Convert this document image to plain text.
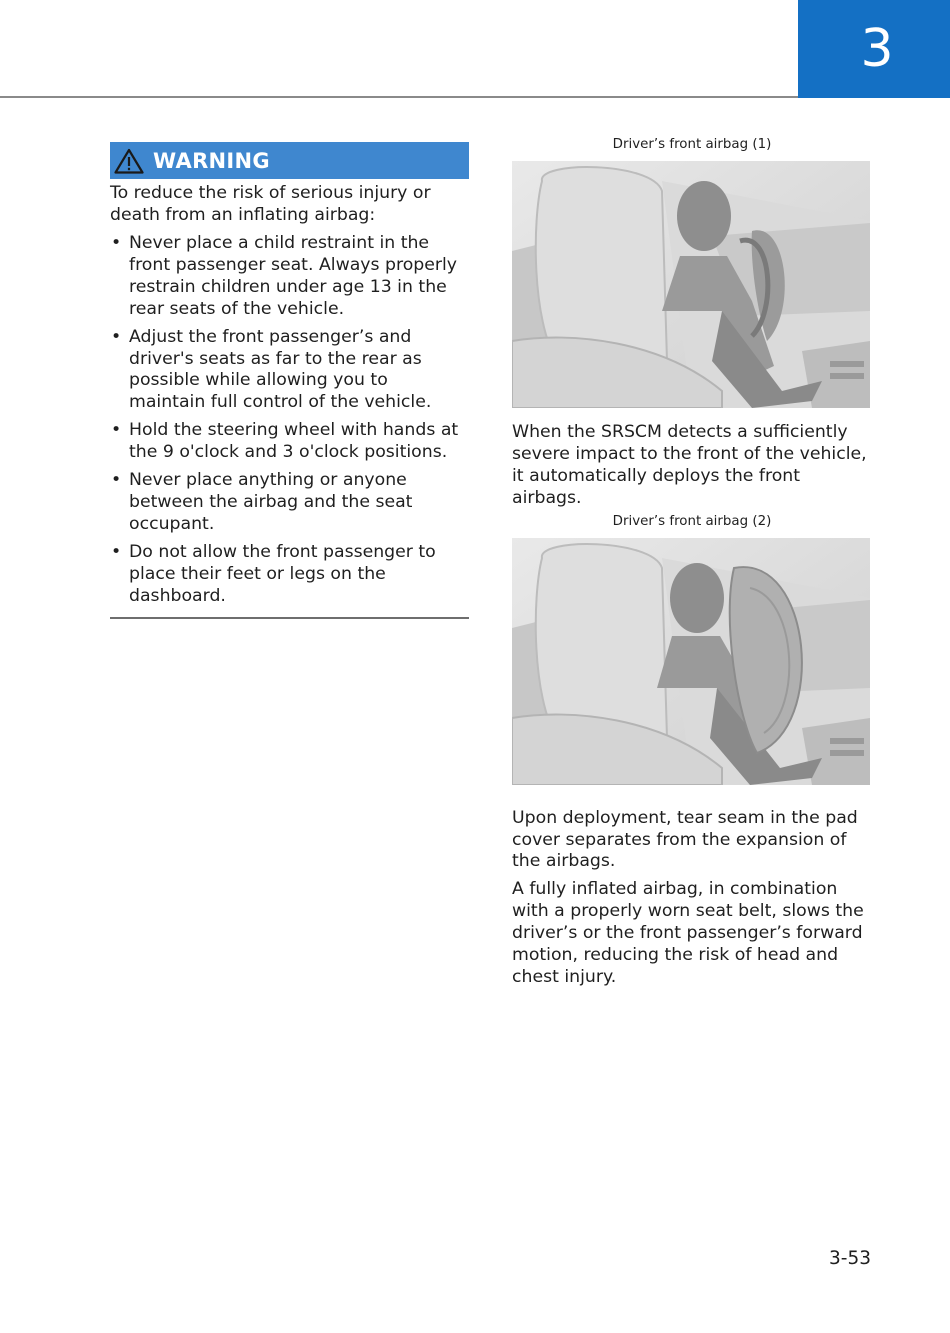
3
WARNING
To reduce the risk of serious injury or death from an inflating airbag:
• Never place a child restraint in the front passenger seat. Always properly restrain children under age 13 in the rear seats of the vehicle.
• Adjust the front passenger’s and driver's seats as far to the rear as possible while allowing you to maintain full control of the vehicle.
• Hold the steering wheel with hands at the 9 o'clock and 3 o'clock positions.
• Never place anything or anyone between the airbag and the seat occupant.
• Do not allow the front passenger to place their feet or legs on the dashboard.
Driver’s front airbag (1)
When the SRSCM detects a sufficiently severe impact to the front of the vehicle, it automatically deploys the front airbags.
Driver’s front airbag (2)
Upon deployment, tear seam in the pad cover separates from the expansion of the airbags.
A fully inflated airbag, in combination with a properly worn seat belt, slows the driver’s or the front passenger’s forward motion, reducing the risk of head and chest injury.
3-53
